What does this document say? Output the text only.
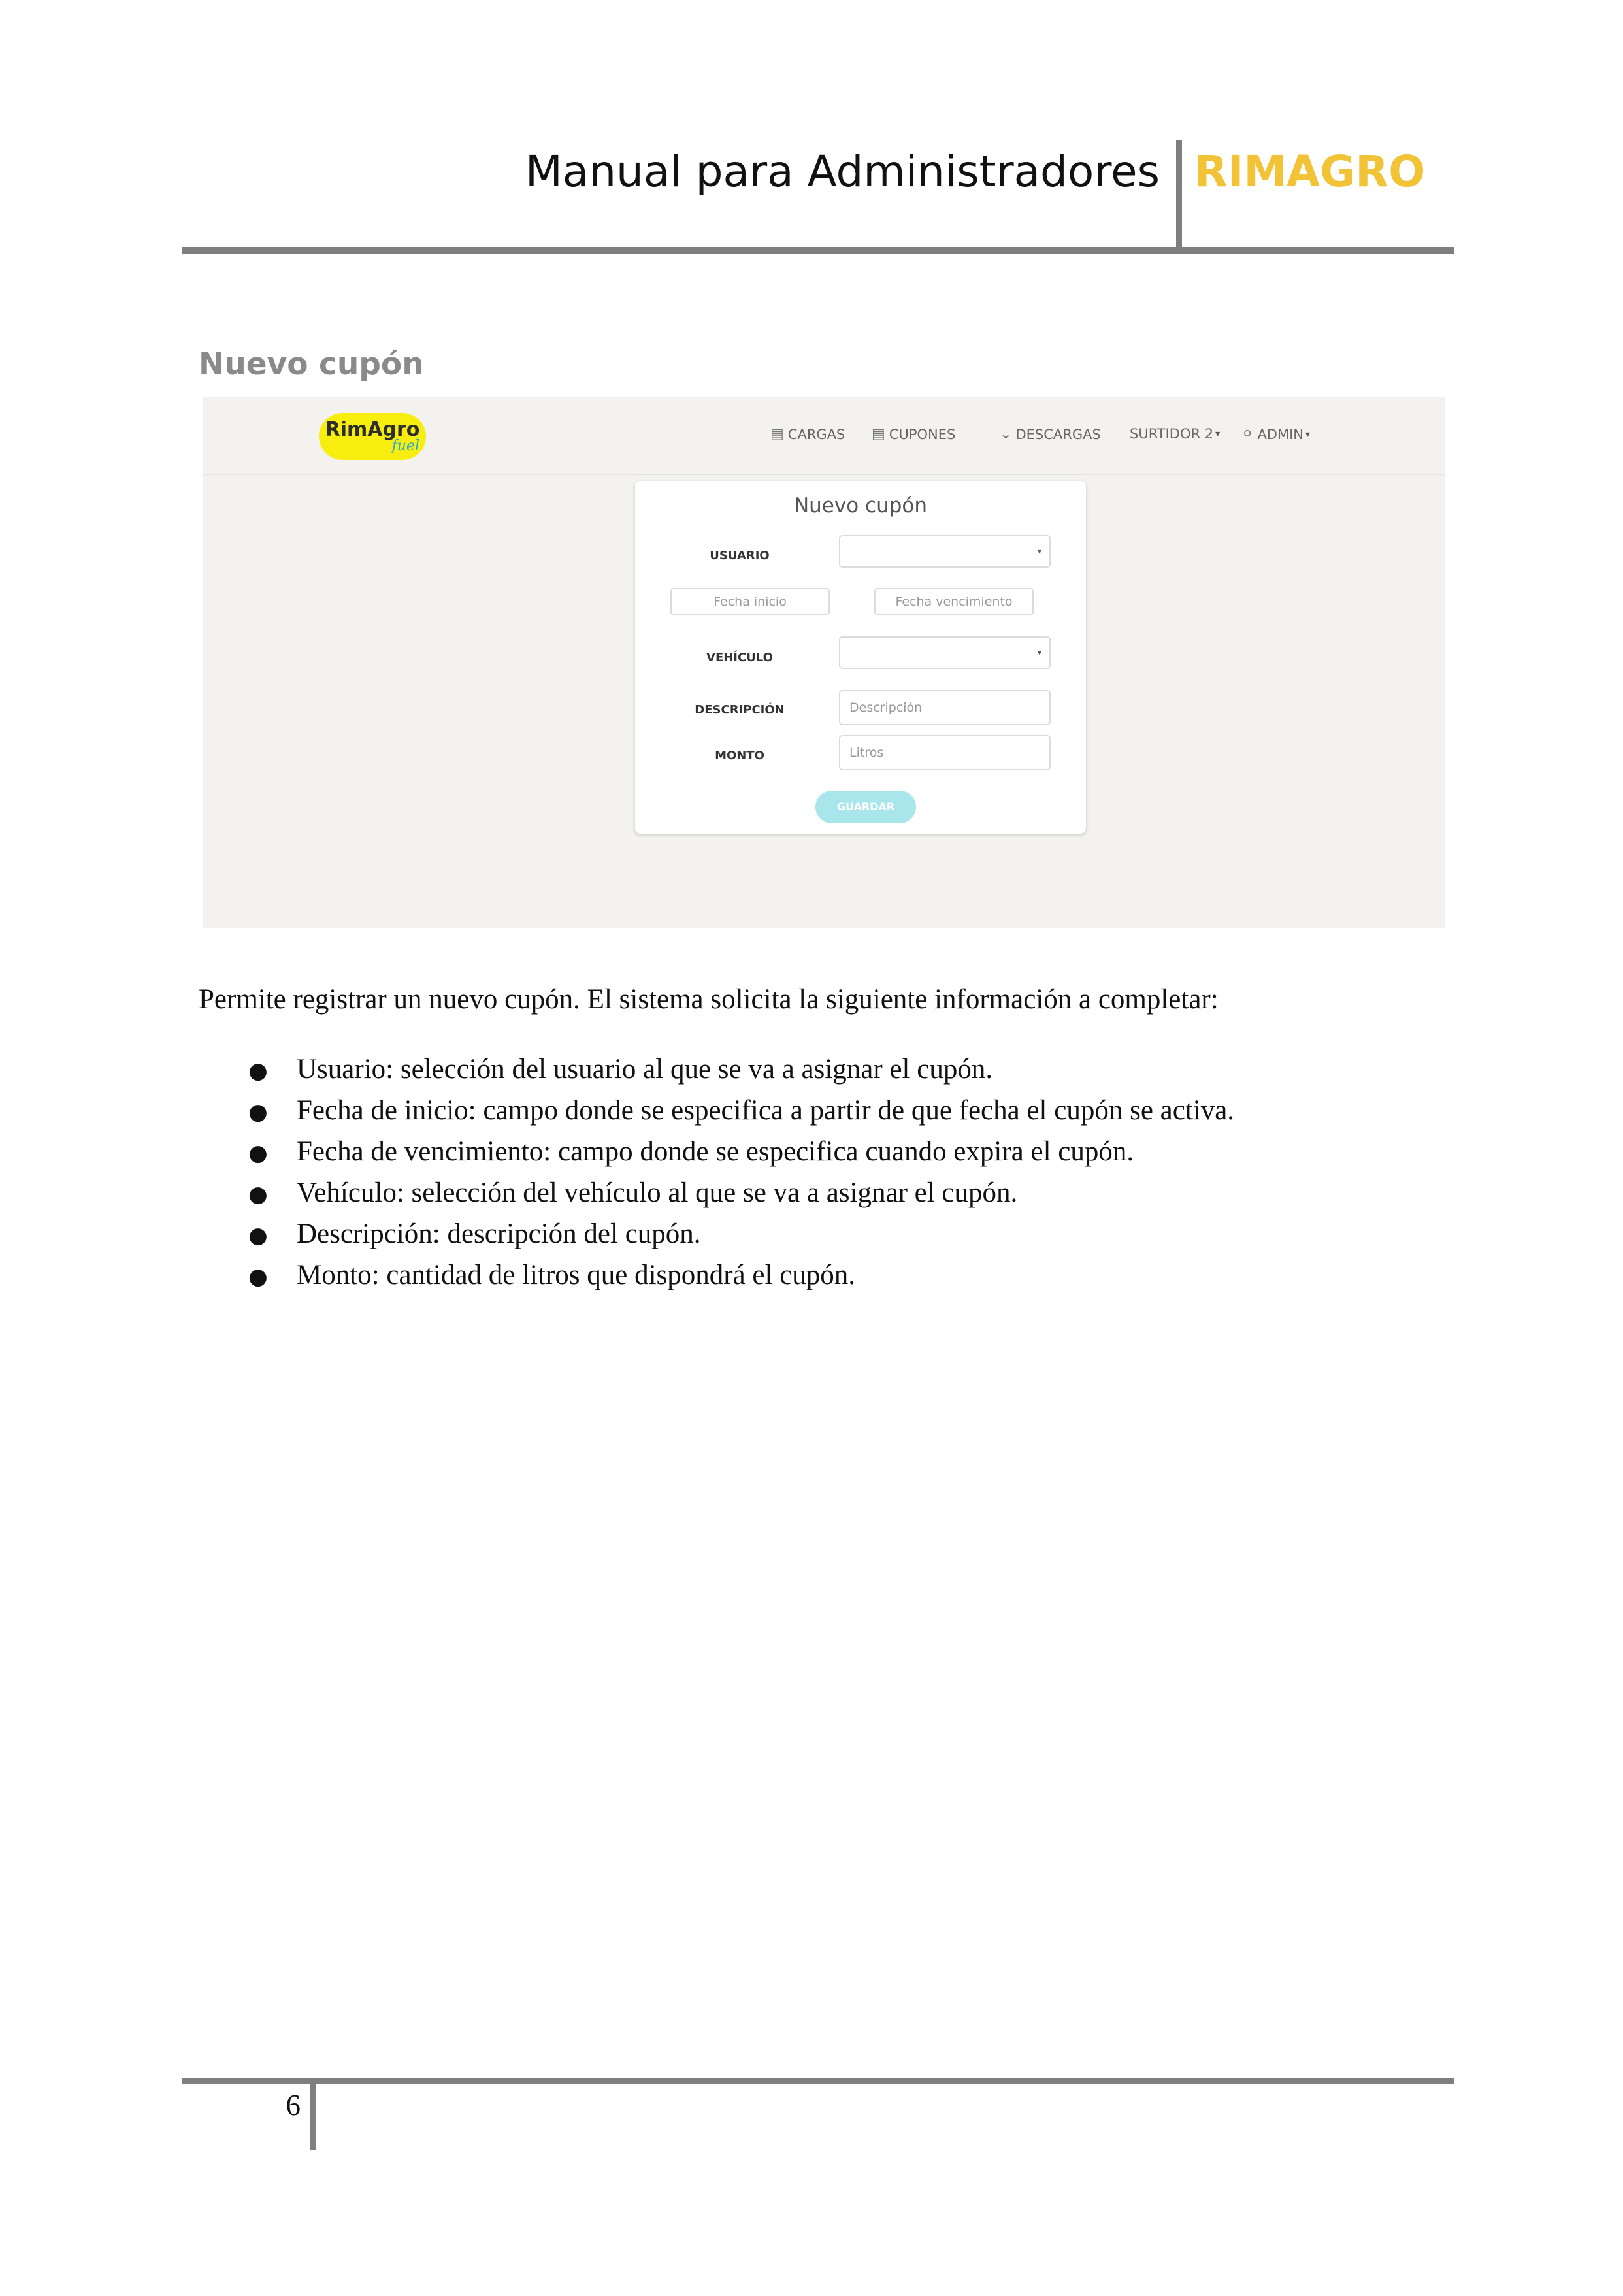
Manual para Administradores RIMAGRO
Nuevo cupón
RimAgro
fuel
▤ CARGAS ▤ CUPONES	⌄ DESCARGAS SURTIDOR 2 ▾ ⚪ ADMIN ▾
Nuevo cupón
USUARIO	▾
Fecha inicio	Fecha vencimiento
VEHÍCULO	▾
DESCRIPCIÓN	Descripción
MONTO	Litros
GUARDAR
Permite registrar un nuevo cupón. El sistema solicita la siguiente información a completar:
● Usuario: selección del usuario al que se va a asignar el cupón.
● Fecha de inicio: campo donde se especifica a partir de que fecha el cupón se activa.
● Fecha de vencimiento: campo donde se especifica cuando expira el cupón.
● Vehículo: selección del vehículo al que se va a asignar el cupón.
● Descripción: descripción del cupón.
● Monto: cantidad de litros que dispondrá el cupón.
6
